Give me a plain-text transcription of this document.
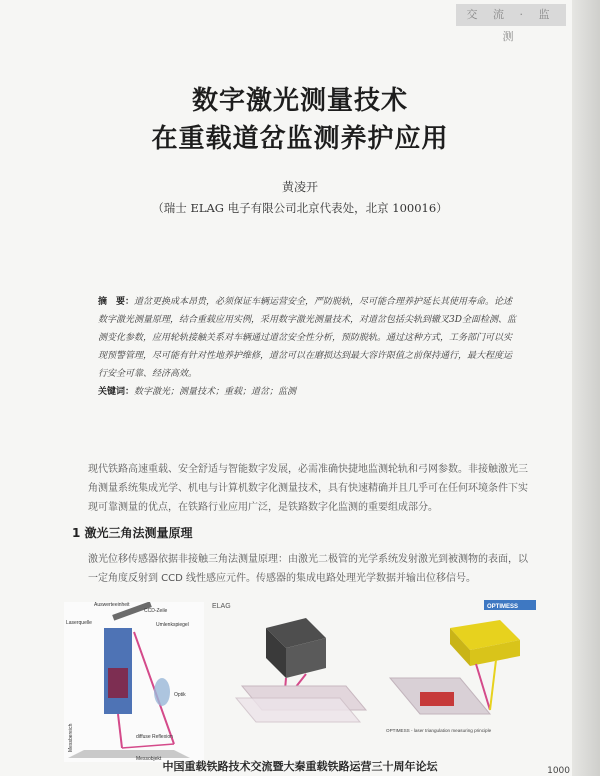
交 流 · 监 测
数字激光测量技术
在重载道岔监测养护应用
黄凌开
（瑞士 ELAG 电子有限公司北京代表处，北京 100016）
摘　要：道岔更换成本昂贵，必须保证车辆运营安全，严防脱轨，尽可能合理养护延长其使用寿命。论述数字激光测量原理，结合重载应用实例，采用数字激光测量技术，对道岔包括尖轨到辙叉3D全面检测、监测变化参数，应用轮轨接触关系对车辆通过道岔安全性分析，预防脱轨。通过这种方式，工务部门可以实现预警管理，尽可能有针对性地养护维修，道岔可以在磨损达到最大容许限值之前保持通行，最大程度运行安全可靠、经济高效。
关键词：数字激光；测量技术；重载；道岔；监测
现代铁路高速重载、安全舒适与智能数字发展，必需准确快捷地监测轮轨和弓网参数。非接触激光三角测量系统集成光学、机电与计算机数字化测量技术，具有快速精确并且几乎可在任何环境条件下实现可靠测量的优点，在铁路行业应用广泛，是铁路数字化监测的重要组成部分。
1 激光三角法测量原理
激光位移传感器依据非接触三角法测量原理：由激光二极管的光学系统发射激光到被测物的表面，以一定角度反射到 CCD 线性感应元件。传感器的集成电路处理光学数据并输出位移信号。
CCD-Zeile
Auswerteeinheit
Laserquelle	Umlenkspiegel
Optik
diffuse Reflexion
Messobjekt
Messbereich
ELAG	OPTIMESS
OPTIMESS - laser triangulation measuring principle
中国重载铁路技术交流暨大秦重载铁路运营三十周年论坛	1000
